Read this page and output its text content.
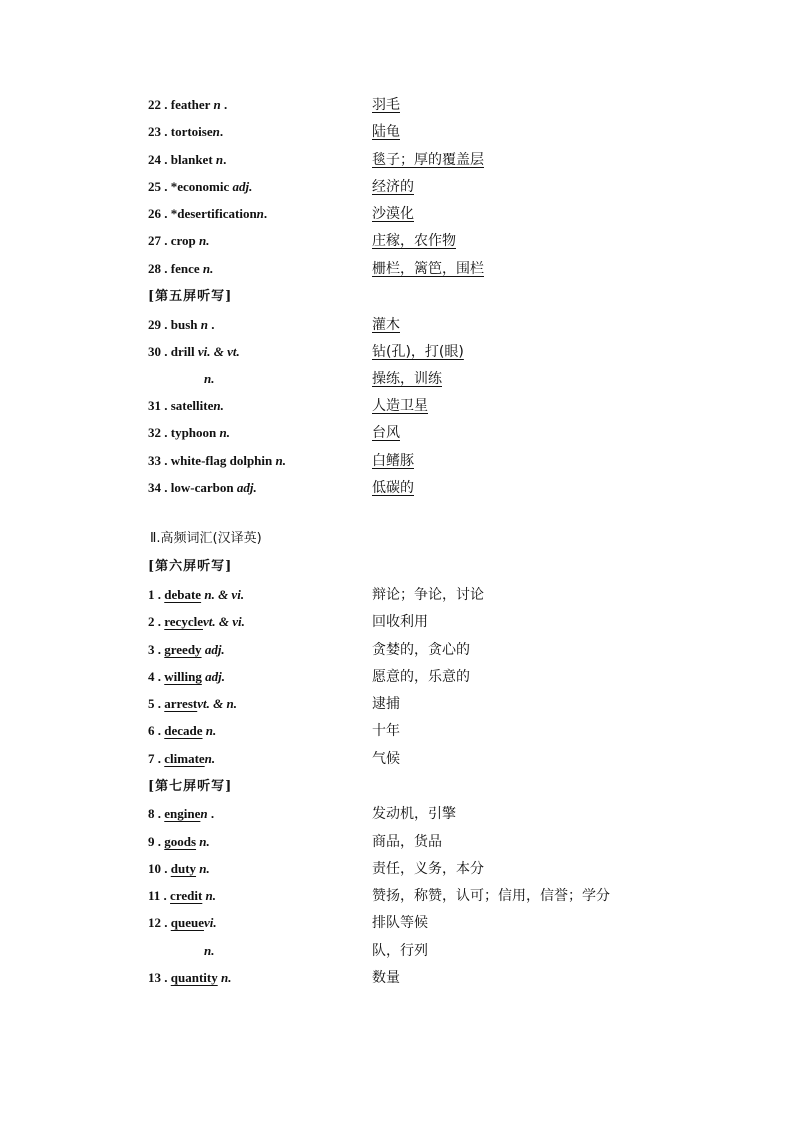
22 . feather n .	羽毛
23 . tortoisen.	陆龟
24 . blanket n.	毯子；厚的覆盖层
25 . *economic adj.	经济的
26 . *desertificationn.	沙漠化
27 . crop n.	庄稼，农作物
28 . fence n.	栅栏，篱笆，围栏
[第五屏听写]
29 . bush n .	灌木
30 . drill vi. & vt.	钻(孔)，打(眼)
n.	操练，训练
31 . satelliten.	人造卫星
32 . typhoon n.	台风
33 . white-flag dolphin n.	白鳍豚
34 . low-carbon adj.	低碳的
Ⅱ.高频词汇(汉译英)
[第六屏听写]
1 . debate n. & vi.	辩论；争论，讨论
2 . recyclevt. & vi.	回收利用
3 . greedy adj.	贪婪的，贪心的
4 . willing adj.	愿意的，乐意的
5 . arrestvt. & n.	逮捕
6 . decade n.	十年
7 . climaten.	气候
[第七屏听写]
8 . enginen .	发动机，引擎
9 . goods n.	商品，货品
10 . duty n.	责任，义务，本分
11 . credit n.	赞扬，称赞，认可；信用，信誉；学分
12 . queuevi.	排队等候
n.	队，行列
13 . quantity n.	数量
